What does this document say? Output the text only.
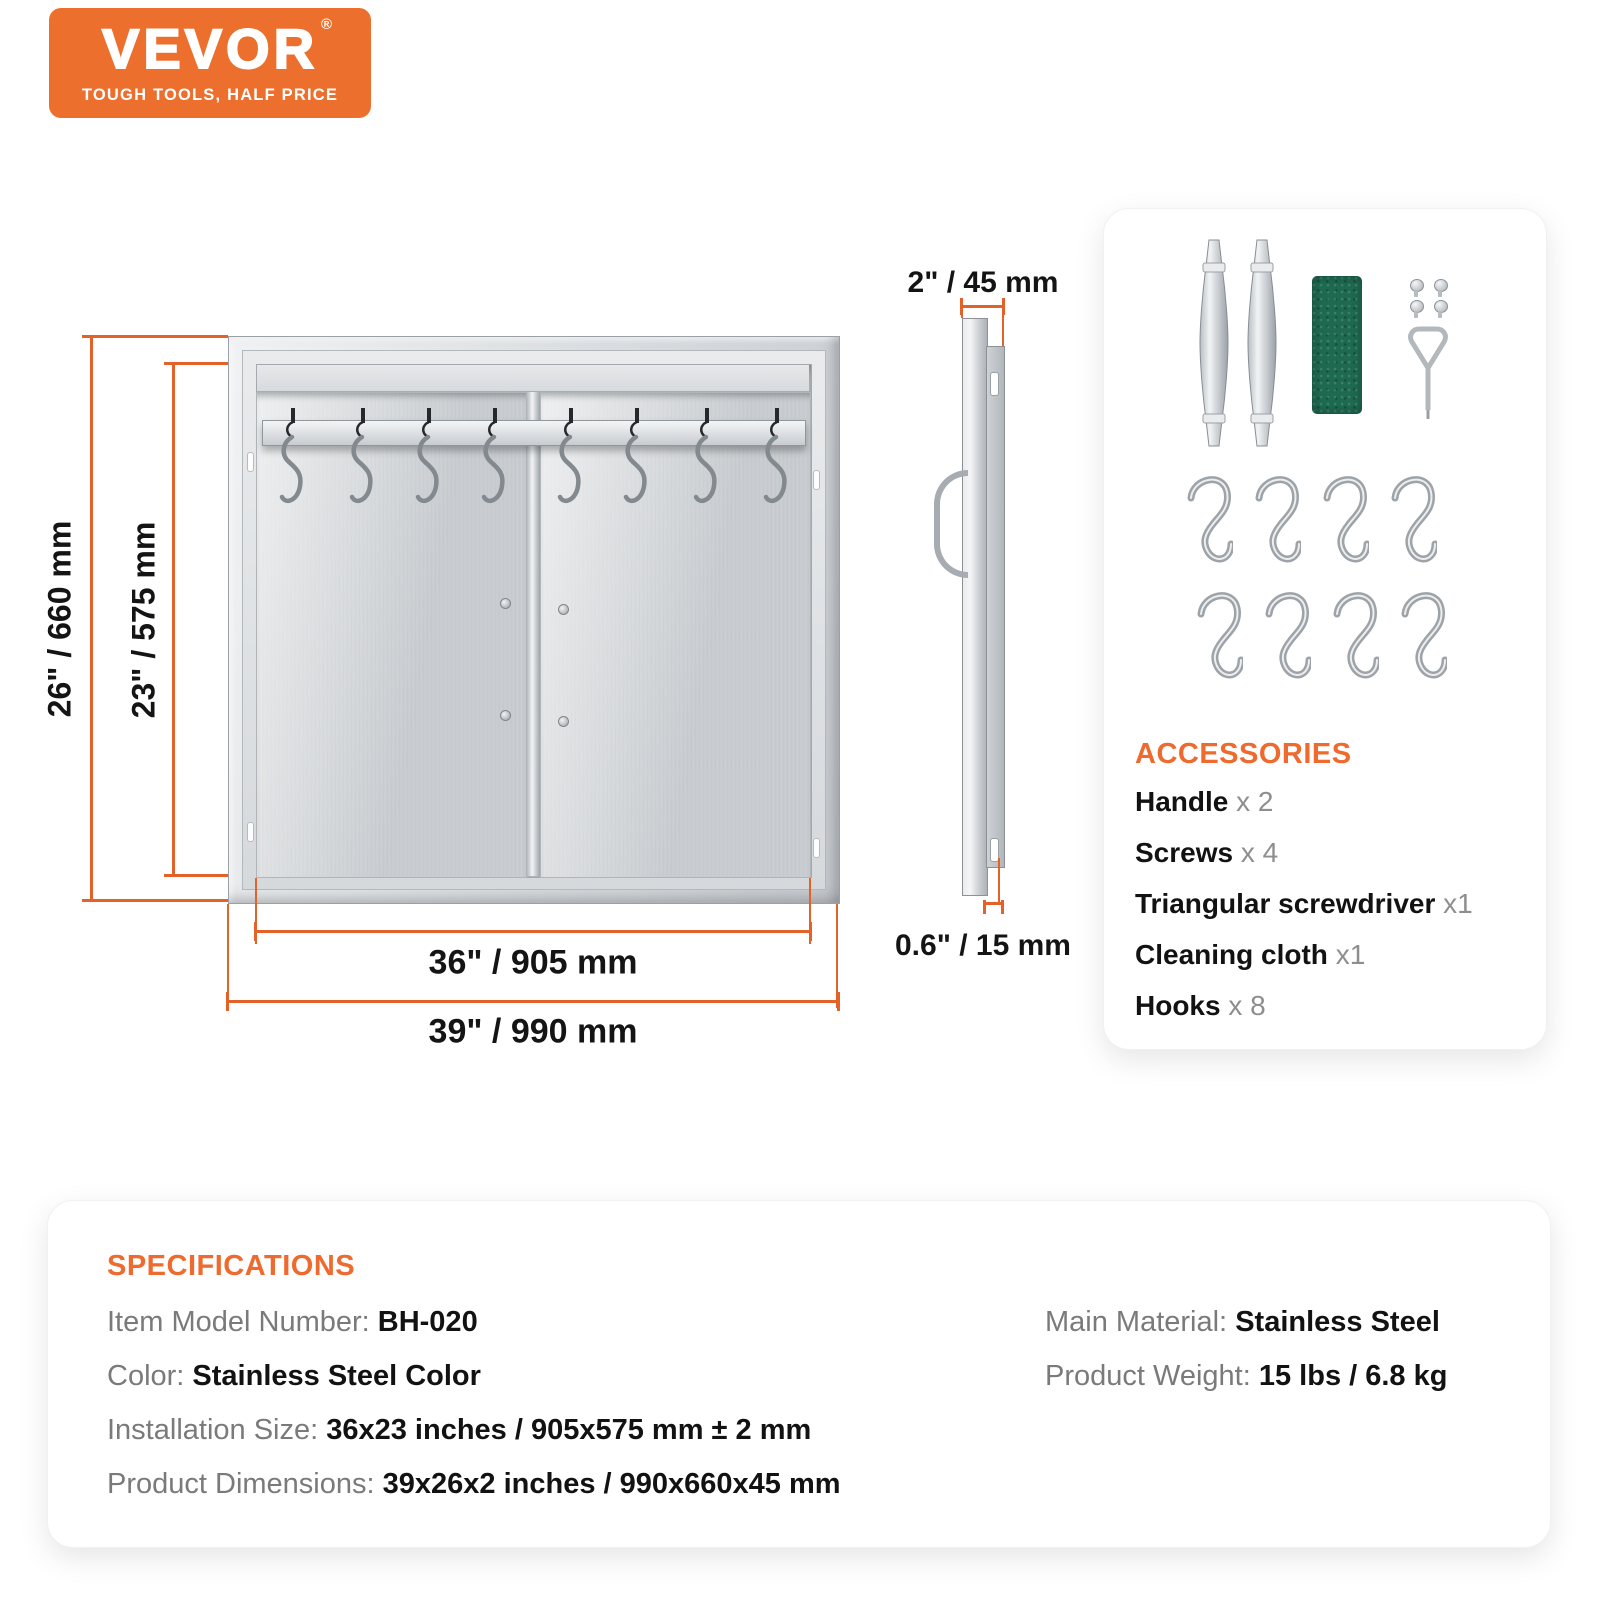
VEVOR ®
TOUGH TOOLS, HALF PRICE
26" / 660 mm 23" / 575 mm
36" / 905 mm
39" / 990 mm
2" / 45 mm
0.6" / 15 mm
ACCESSORIES
Handle x 2
Screws x 4
Triangular screwdriver x1
Cleaning cloth x1
Hooks x 8
SPECIFICATIONS
Item Model Number: BH-020
Color: Stainless Steel Color
Installation Size: 36x23 inches / 905x575 mm ± 2 mm
Product Dimensions: 39x26x2 inches / 990x660x45 mm
Main Material: Stainless Steel
Product Weight: 15 lbs / 6.8 kg
